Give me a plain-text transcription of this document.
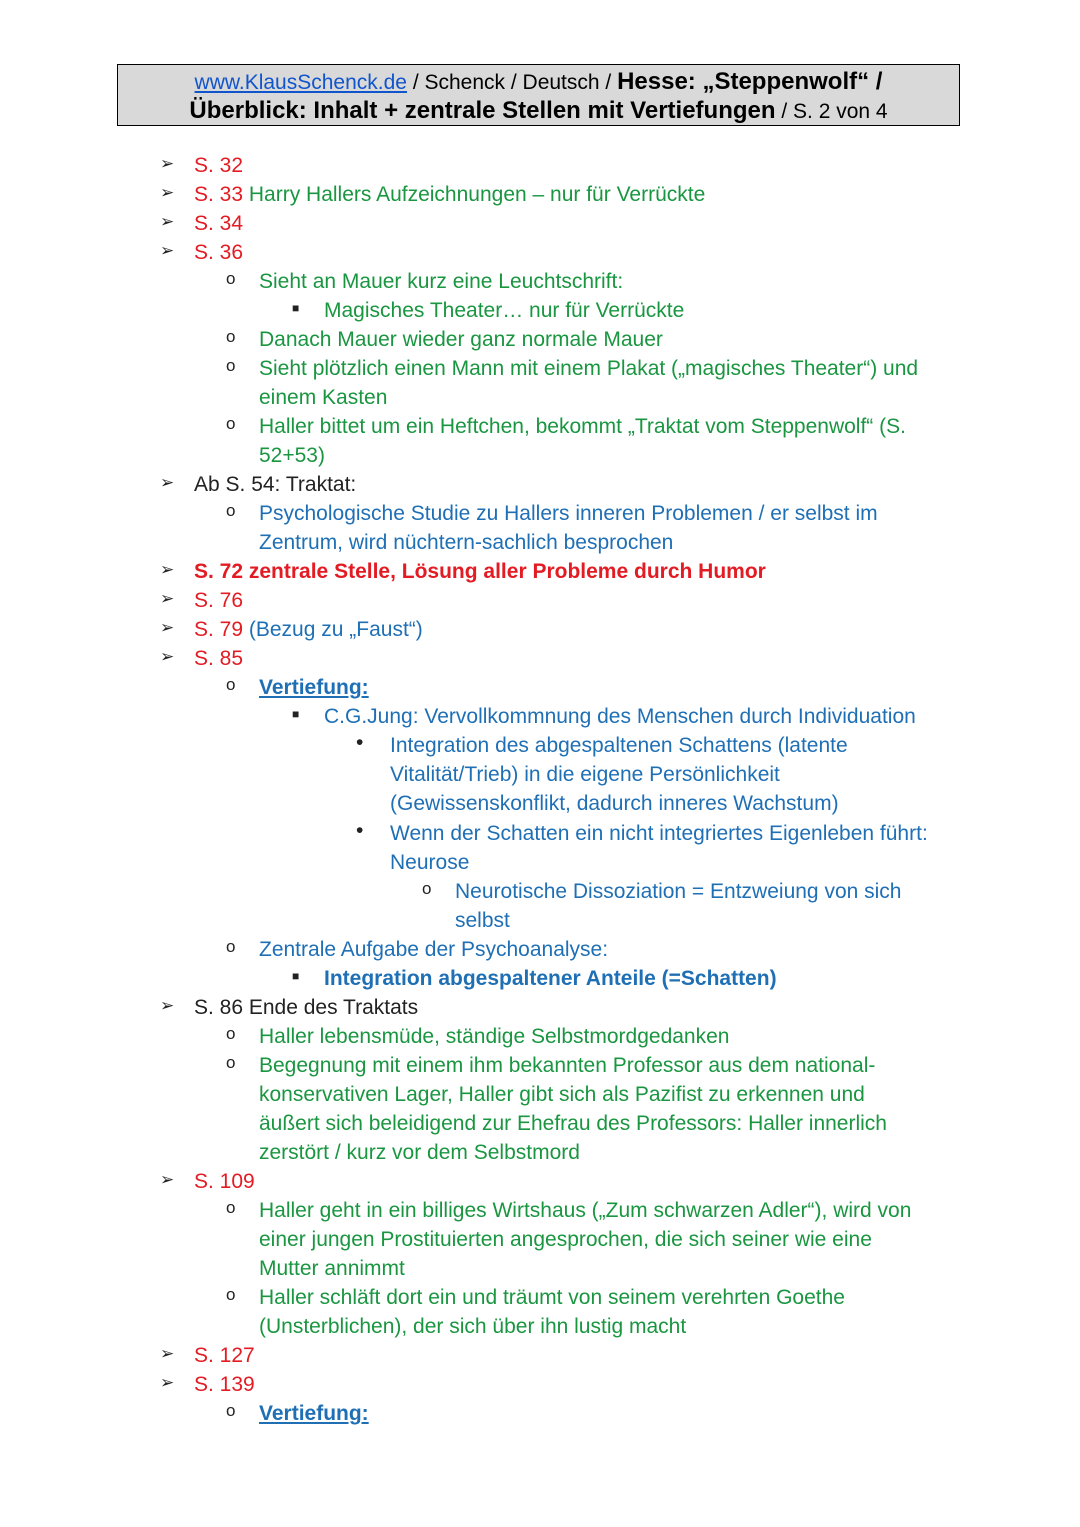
www.KlausSchenck.de / Schenck / Deutsch / Hesse: „Steppenwolf“ /
Überblick: Inhalt + zentrale Stellen mit Vertiefungen / S. 2 von 4
➢ S. 32
➢ S. 33 Harry Hallers Aufzeichnungen – nur für Verrückte
➢ S. 34
➢ S. 36
o Sieht an Mauer kurz eine Leuchtschrift:
■ Magisches Theater… nur für Verrückte
o Danach Mauer wieder ganz normale Mauer
o Sieht plötzlich einen Mann mit einem Plakat („magisches Theater“) und
einem Kasten
o Haller bittet um ein Heftchen, bekommt „Traktat vom Steppenwolf“ (S.
52+53)
➢ Ab S. 54: Traktat:
o Psychologische Studie zu Hallers inneren Problemen / er selbst im
Zentrum, wird nüchtern-sachlich besprochen
➢ S. 72 zentrale Stelle, Lösung aller Probleme durch Humor
➢ S. 76
➢ S. 79 (Bezug zu „Faust“)
➢ S. 85
o Vertiefung:
■ C.G.Jung: Vervollkommnung des Menschen durch Individuation
• Integration des abgespaltenen Schattens (latente
Vitalität/Trieb) in die eigene Persönlichkeit
(Gewissenskonflikt, dadurch inneres Wachstum)
• Wenn der Schatten ein nicht integriertes Eigenleben führt:
Neurose
o Neurotische Dissoziation = Entzweiung von sich
selbst
o Zentrale Aufgabe der Psychoanalyse:
■ Integration abgespaltener Anteile (=Schatten)
➢ S. 86 Ende des Traktats
o Haller lebensmüde, ständige Selbstmordgedanken
o Begegnung mit einem ihm bekannten Professor aus dem national-
konservativen Lager, Haller gibt sich als Pazifist zu erkennen und
äußert sich beleidigend zur Ehefrau des Professors: Haller innerlich
zerstört / kurz vor dem Selbstmord
➢ S. 109
o Haller geht in ein billiges Wirtshaus („Zum schwarzen Adler“), wird von
einer jungen Prostituierten angesprochen, die sich seiner wie eine
Mutter annimmt
o Haller schläft dort ein und träumt von seinem verehrten Goethe
(Unsterblichen), der sich über ihn lustig macht
➢ S. 127
➢ S. 139
o Vertiefung:
